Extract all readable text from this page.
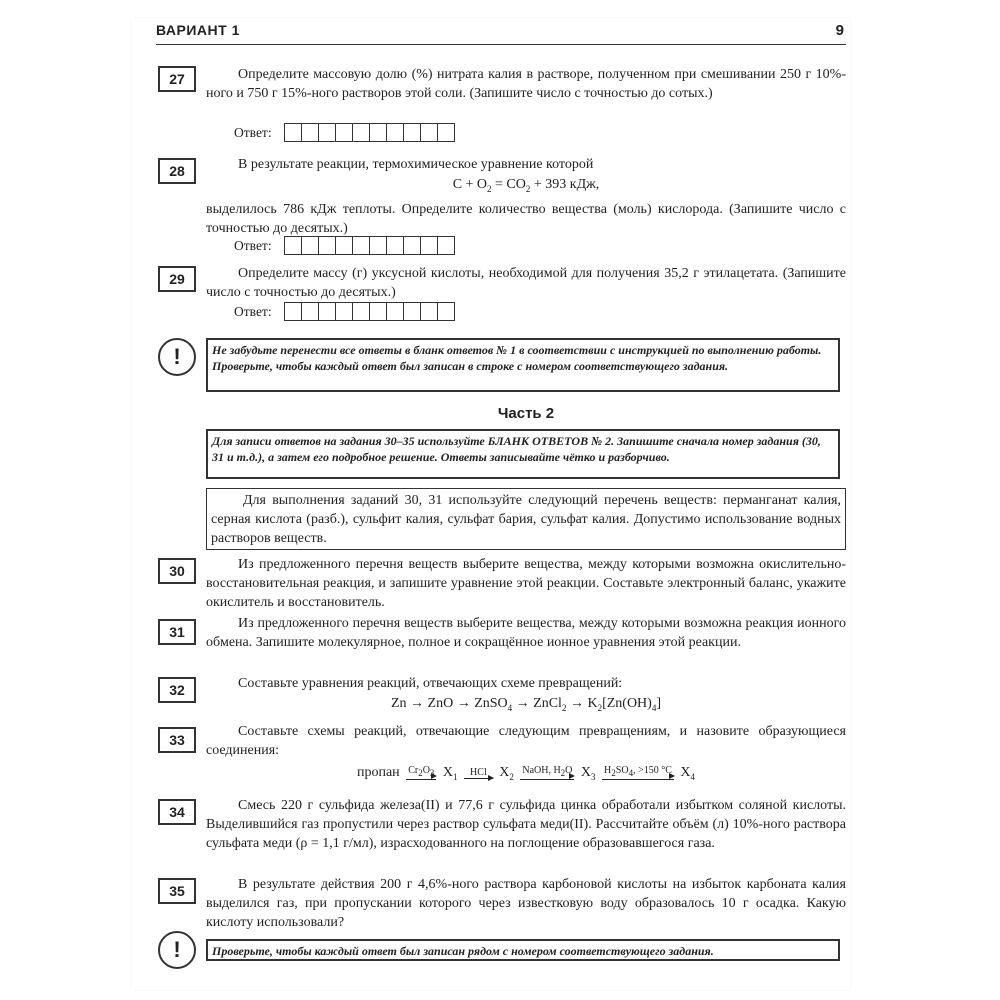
ВАРИАНТ 1	9
27	Определите массовую долю (%) нитрата калия в растворе, полученном при смешивании 250 г 10%-ного и 750 г 15%-ного растворов этой соли. (Запишите число с точностью до сотых.)

Ответ:
28	В результате реакции, термохимическое уравнение которой

$C + O_2 = CO_2 + 393$ кДж,

выделилось 786 кДж теплоты. Определите количество вещества (моль) кислорода. (Запишите число с точностью до десятых.)

Ответ:
29	Определите массу (г) уксусной кислоты, необходимой для получения 35,2 г этилацетата. (Запишите число с точностью до десятых.)

Ответ:
!	Не забудьте перенести все ответы в бланк ответов № 1 в соответствии с инструкцией по выполнению работы.

Проверьте, чтобы каждый ответ был записан в строке с номером соответствующего задания.

Часть 2

Для записи ответов на задания 30–35 используйте БЛАНК ОТВЕТОВ № 2. Запишите сначала номер задания (30, 31 и т.д.), а затем его подробное решение. Ответы записывайте чётко и разборчиво.

Для выполнения заданий 30, 31 используйте следующий перечень веществ: перманганат калия, серная кислота (разб.), сульфит калия, сульфат бария, сульфат калия. Допустимо использование водных растворов веществ.

30	Из предложенного перечня веществ выберите вещества, между которыми возможна окислительно-восстановительная реакция, и запишите уравнение этой реакции. Составьте электронный баланс, укажите окислитель и восстановитель.

31

Из предложенного перечня веществ выберите вещества, между которыми возможна реакция ионного обмена. Запишите молекулярное, полное и сокращённое ионное уравнения этой реакции.

32	Составьте уравнения реакций, отвечающих схеме превращений:

Zn → ZnO → ZnSO$_4$ → ZnCl$_2$ → $K_2[Zn(OH)_4]$
33

Составьте схемы реакций, отвечающие следующим превращениям, и назовите образующиеся соединения:

пропан $Cr_2O_3$ $X_1$	HCl $X_2$
NaOH, $H_2O$ $X_3$
$H_2SO_4$, >150 °C $X_4$
34	Смесь 220 г сульфида железа(II) и 77,6 г сульфида цинка обработали избытком соляной кислоты. Выделившийся газ пропустили через раствор сульфата меди(II). Рассчитайте объём (л) 10%-ного раствора сульфата меди (ρ = 1,1 г/мл), израсходованного на поглощение образовавшегося газа.

35	В результате действия 200 г 4,6%-ного раствора карбоновой кислоты на избыток карбоната калия выделился газ, при пропускании которого через известковую воду образовалось 10 г осадка. Какую кислоту использовали?

!	Проверьте, чтобы каждый ответ был записан рядом с номером соответствующего задания.
